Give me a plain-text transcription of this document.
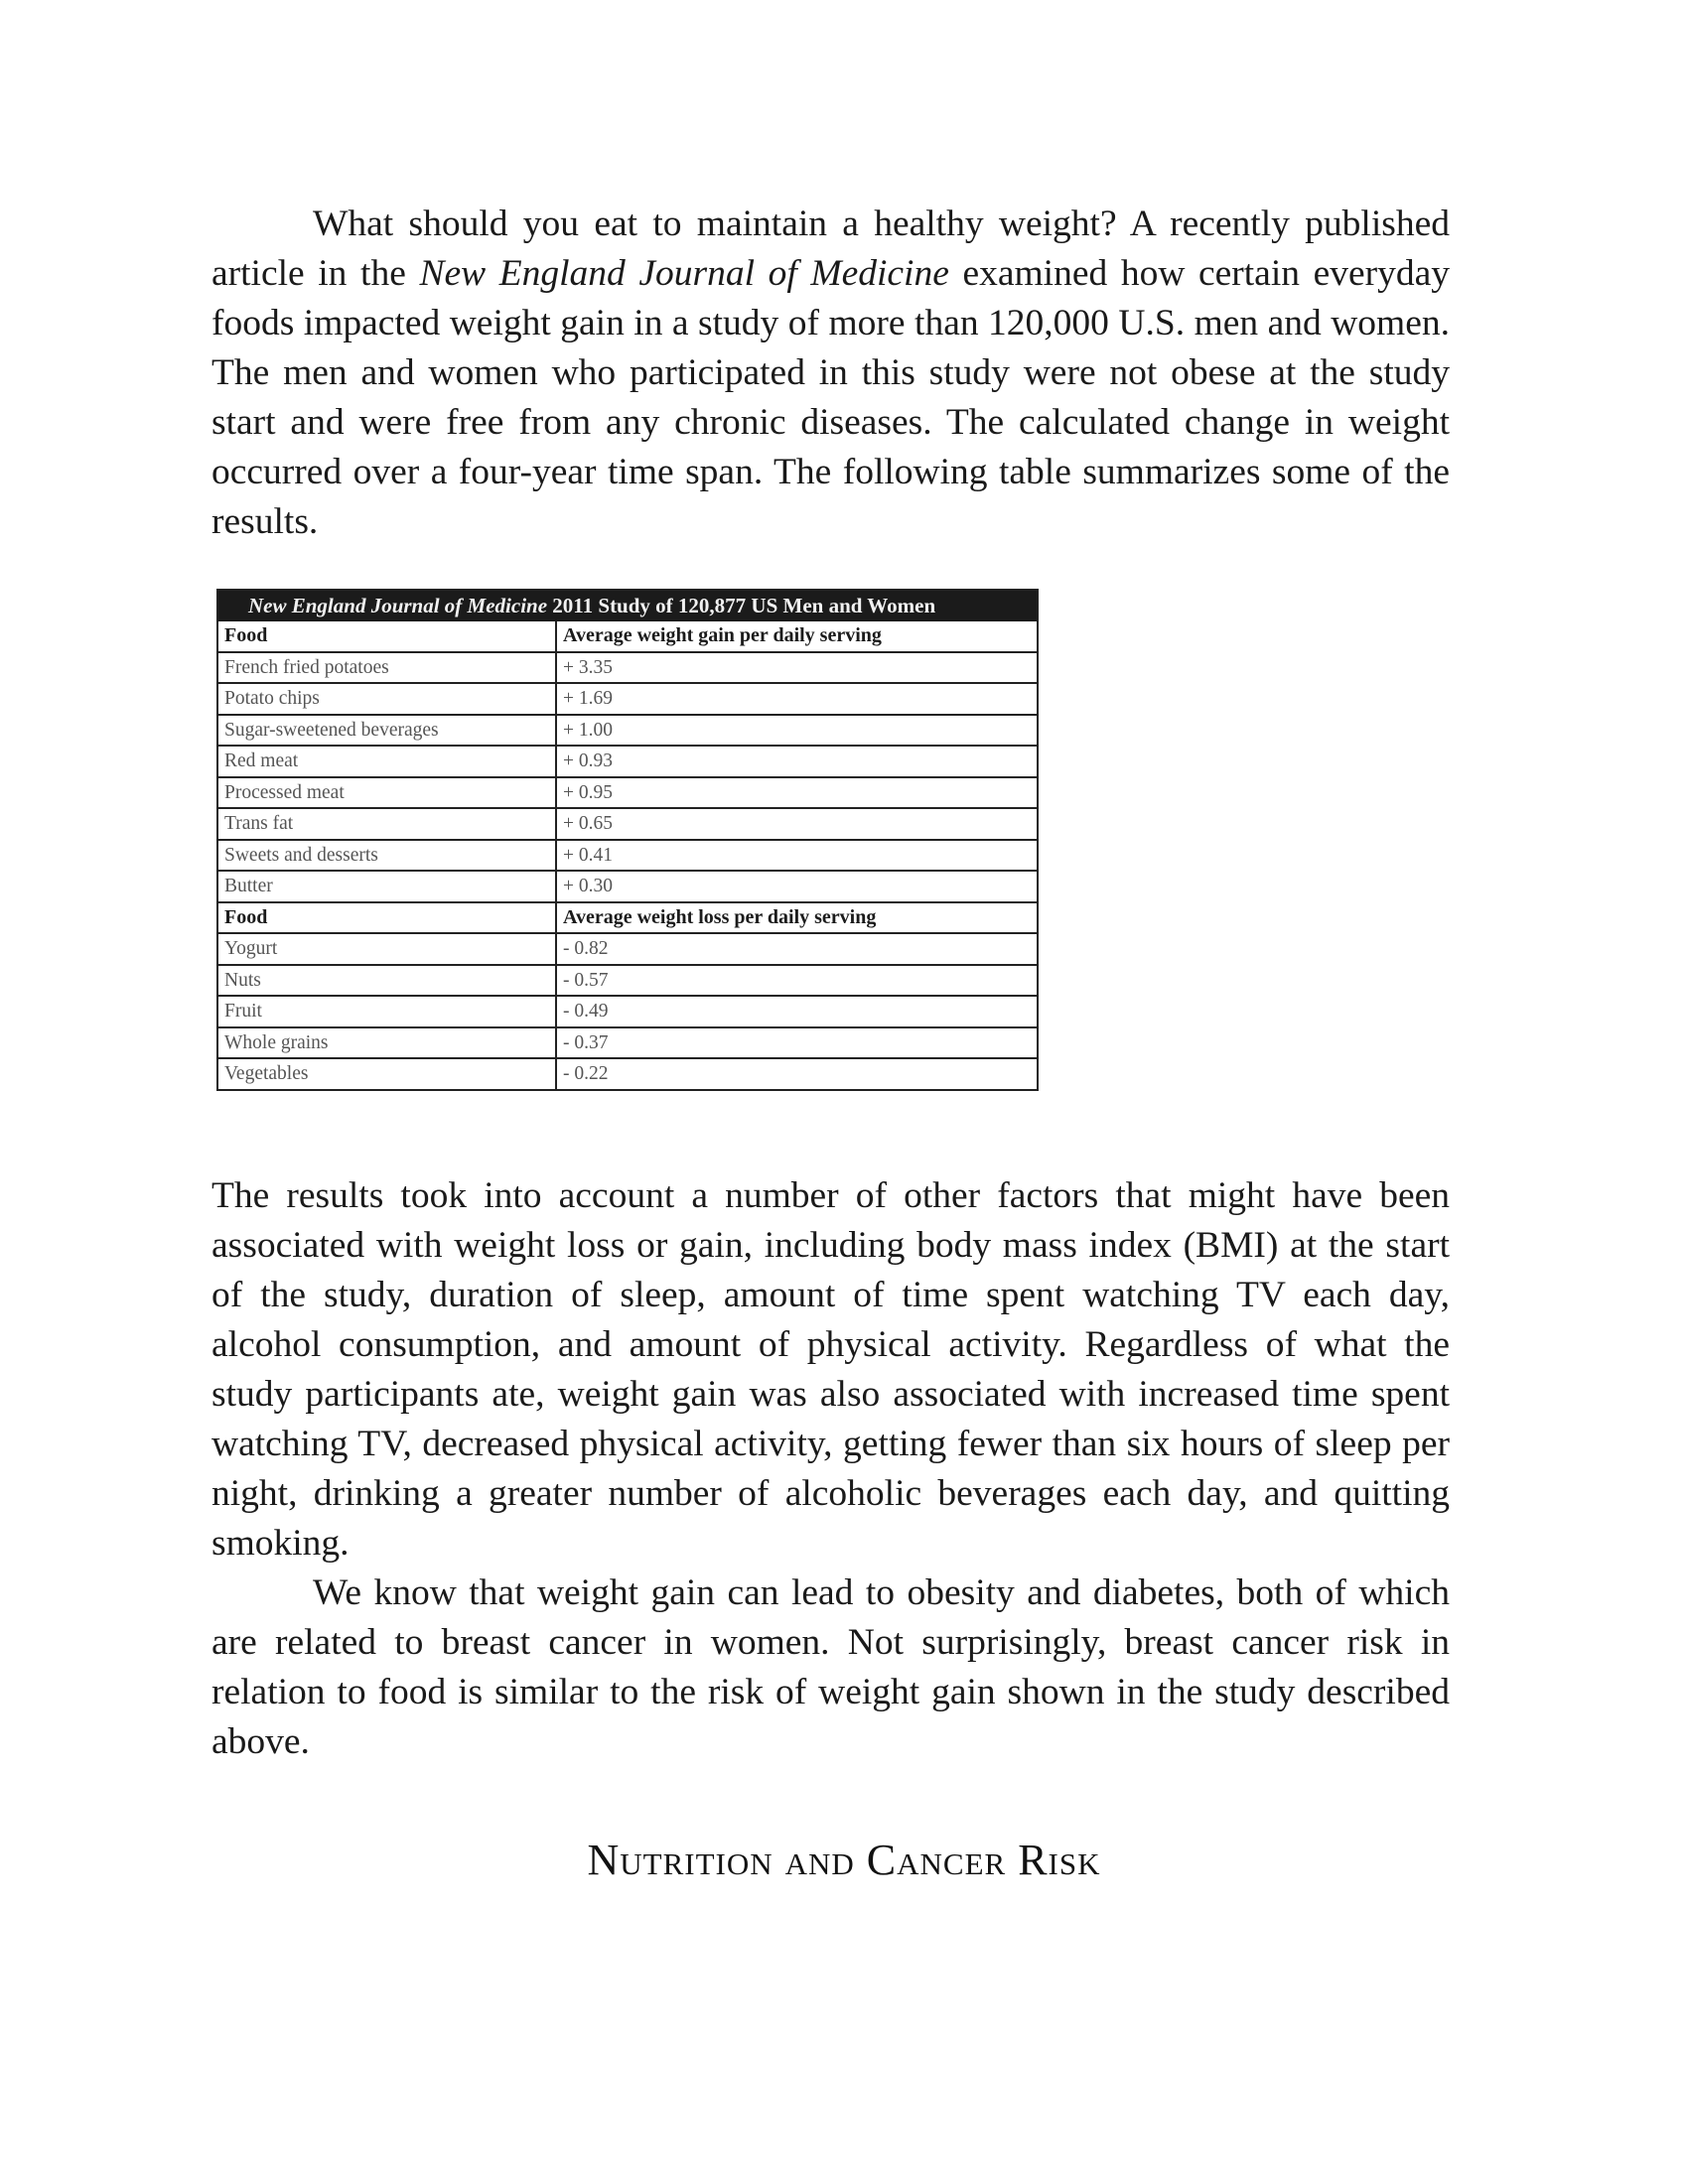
What should you eat to maintain a healthy weight? A recently published article in the New England Journal of Medicine examined how certain everyday foods impacted weight gain in a study of more than 120,000 U.S. men and women. The men and women who participated in this study were not obese at the study start and were free from any chronic diseases. The calculated change in weight occurred over a four-year time span. The following table summarizes some of the results.

New England Journal of Medicine 2011 Study of 120,877 US Men and Women
Food	Average weight gain per daily serving
French fried potatoes	+ 3.35
Potato chips	+ 1.69
Sugar-sweetened beverages	+ 1.00
Red meat	+ 0.93
Processed meat	+ 0.95
Trans fat	+ 0.65
Sweets and desserts	+ 0.41
Butter	+ 0.30
Food	Average weight loss per daily serving
Yogurt	- 0.82
Nuts	- 0.57
Fruit	- 0.49
Whole grains	- 0.37
Vegetables	- 0.22

The results took into account a number of other factors that might have been associated with weight loss or gain, including body mass index (BMI) at the start of the study, duration of sleep, amount of time spent watching TV each day, alcohol consumption, and amount of physical activity. Regardless of what the study participants ate, weight gain was also associated with increased time spent watching TV, decreased physical activity, getting fewer than six hours of sleep per night, drinking a greater number of alcoholic beverages each day, and quitting smoking.

We know that weight gain can lead to obesity and diabetes, both of which are related to breast cancer in women. Not surprisingly, breast cancer risk in relation to food is similar to the risk of weight gain shown in the study described above.

Nutrition and Cancer Risk
